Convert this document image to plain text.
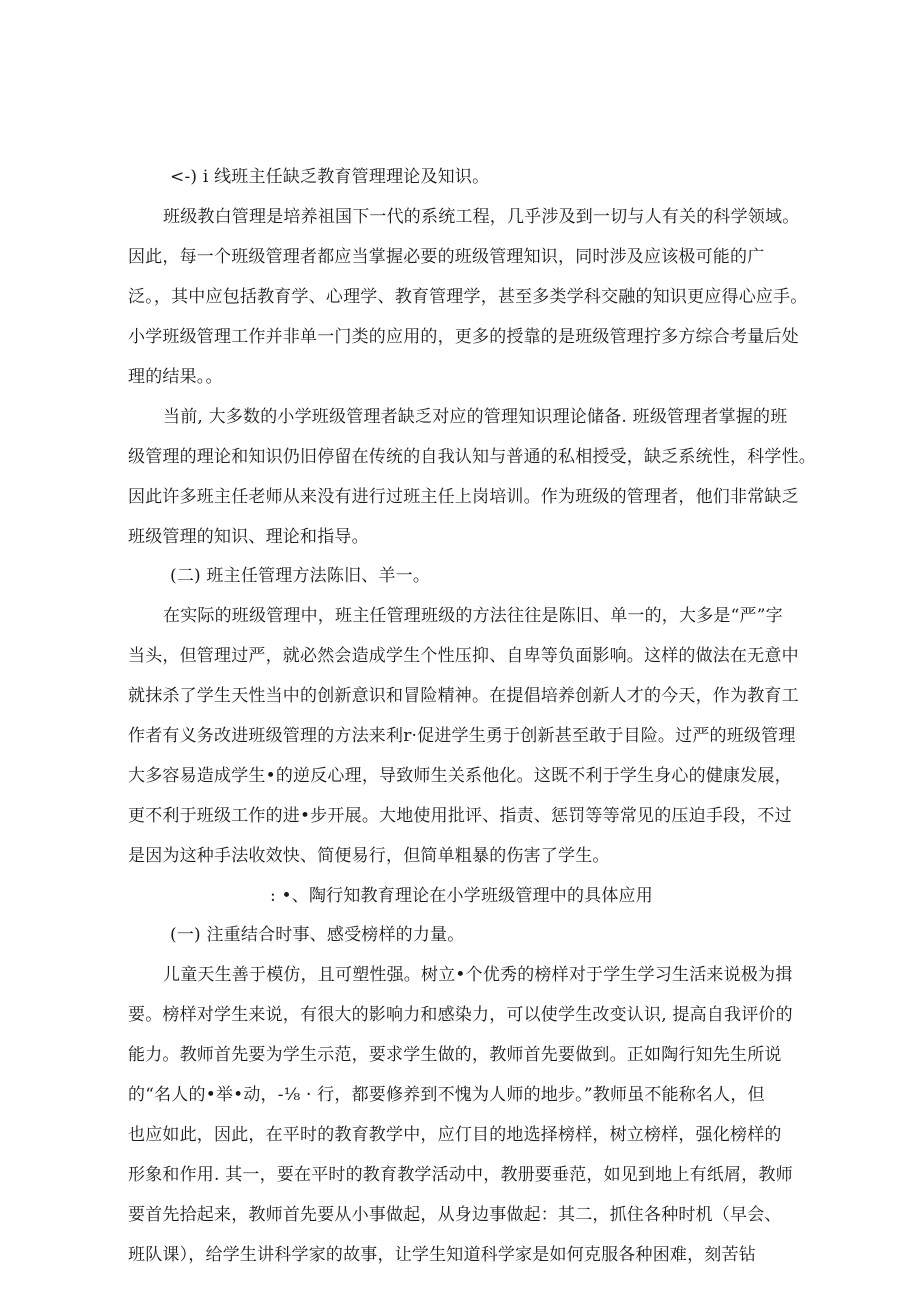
<-) i 线班主任缺乏教育管理理论及知识。

班级教白管理是培养祖国下一代的系统工程，几乎涉及到一切与人有关的科学领域。

因此，每一个班级管理者都应当掌握必要的班级管理知识，同时涉及应该极可能的广

泛。，其中应包括教育学、心理学、教育管理学，甚至多类学科交融的知识更应得心应手。

小学班级管理工作并非单一门类的应用的，更多的授靠的是班级管理拧多方综合考量后处

理的结果。。

当前, 大多数的小学班级管理者缺乏对应的管理知识理论储备. 班级管理者掌握的班

级管理的理论和知识仍旧停留在传统的自我认知与普通的私相授受，缺乏系统性，科学性。

因此许多班主任老师从来没有进行过班主任上岗培训。作为班级的管理者，他们非常缺乏

班级管理的知识、理论和指导。

(二) 班主任管理方法陈旧、羊一。

在实际的班级管理中，班主任管理班级的方法往往是陈旧、单一的，大多是“严”字

当头，但管理过严，就必然会造成学生个性压抑、自卑等负面影响。这样的做法在无意中

就抹杀了学生天性当中的创新意识和冒险精神。在提倡培养创新人才的今天，作为教育工

作者有义务改进班级管理的方法来利r·促进学生勇于创新甚至敢于目险。过严的班级管理

大多容易造成学生•的逆反心理，导致师生关系他化。这既不利于学生身心的健康发展，

更不利于班级工作的进•步开展。大地使用批评、指责、惩罚等等常见的压迫手段，不过

是因为这种手法收效快、简便易行，但简单粗暴的伤害了学生。

: •、陶行知教育理论在小学班级管理中的具体应用

(一) 注重结合时事、感受榜样的力量。

儿童天生善于模仿，且可塑性强。树立•个优秀的榜样对于学生学习生活来说极为揖

要。榜样对学生来说，有很大的影响力和感染力，可以使学生改变认识, 提高自我评价的

能力。教师首先要为学生示范，要求学生做的，教师首先要做到。正如陶行知先生所说

的“名人的•举•动，-⅛ · 行，都要修养到不愧为人师的地步。”教师虽不能称名人，但

也应如此，因此，在平时的教育教学中，应仃目的地选择榜样，树立榜样，强化榜样的

形象和作用. 其一，要在平时的教育教学活动中，教册要垂范，如见到地上有纸屑，教师

要首先拾起来，教师首先要从小事做起，从身边事做起：其二，抓住各种时机（早会、

班队课），给学生讲科学家的故事，让学生知道科学家是如何克服各种困难，刻苦钻
